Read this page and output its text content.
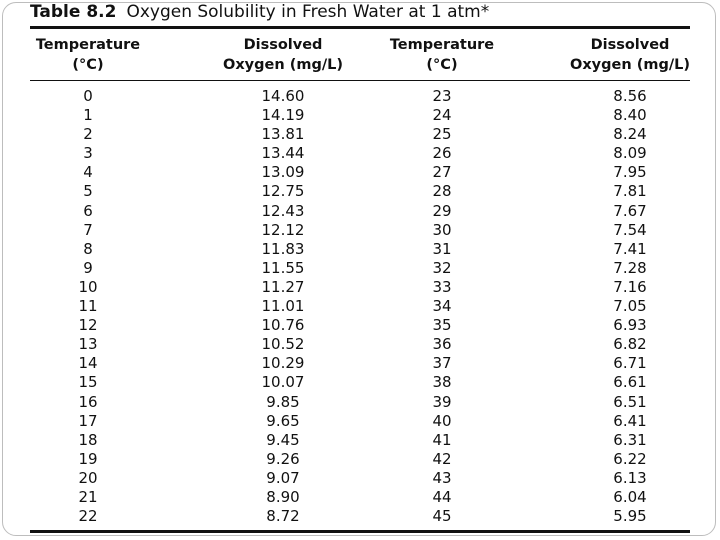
Table 8.2 Oxygen Solubility in Fresh Water at 1 atm*
Temperature
(°C)
Dissolved
Oxygen (mg/L)
Temperature
(°C)
Dissolved
Oxygen (mg/L)
0
1
2
3
4
5
6
7
8
9
10
11
12
13
14
15
16
17
18
19
20
21
22
14.60
14.19
13.81
13.44
13.09
12.75
12.43
12.12
11.83
11.55
11.27
11.01
10.76
10.52
10.29
10.07
9.85
9.65
9.45
9.26
9.07
8.90
8.72
23
24
25
26
27
28
29
30
31
32
33
34
35
36
37
38
39
40
41
42
43
44
45
8.56
8.40
8.24
8.09
7.95
7.81
7.67
7.54
7.41
7.28
7.16
7.05
6.93
6.82
6.71
6.61
6.51
6.41
6.31
6.22
6.13
6.04
5.95
